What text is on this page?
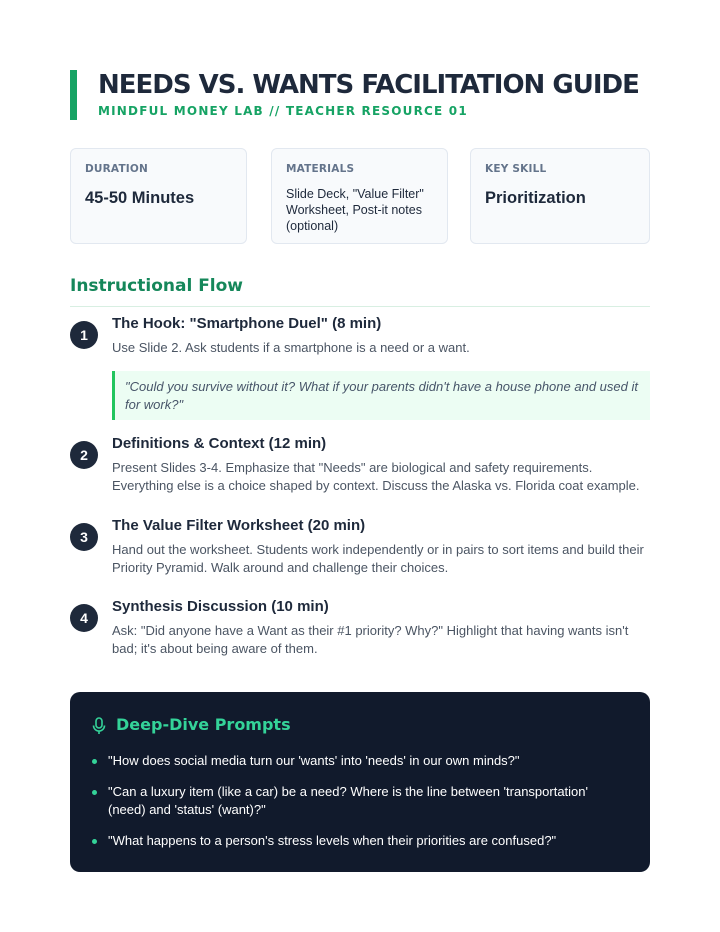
NEEDS VS. WANTS FACILITATION GUIDE
MINDFUL MONEY LAB // TEACHER RESOURCE 01
DURATION
45-50 Minutes
MATERIALS
Slide Deck, "Value Filter" Worksheet, Post-it notes (optional)
KEY SKILL
Prioritization
Instructional Flow
1
The Hook: "Smartphone Duel" (8 min)
Use Slide 2. Ask students if a smartphone is a need or a want.
"Could you survive without it? What if your parents didn't have a house phone and used it for work?"
2
Definitions & Context (12 min)
Present Slides 3-4. Emphasize that "Needs" are biological and safety requirements. Everything else is a choice shaped by context. Discuss the Alaska vs. Florida coat example.
3
The Value Filter Worksheet (20 min)
Hand out the worksheet. Students work independently or in pairs to sort items and build their Priority Pyramid. Walk around and challenge their choices.
4
Synthesis Discussion (10 min)
Ask: "Did anyone have a Want as their #1 priority? Why?" Highlight that having wants isn't bad; it's about being aware of them.
Deep-Dive Prompts
"How does social media turn our 'wants' into 'needs' in our own minds?"
"Can a luxury item (like a car) be a need? Where is the line between 'transportation' (need) and 'status' (want)?"
"What happens to a person's stress levels when their priorities are confused?"
